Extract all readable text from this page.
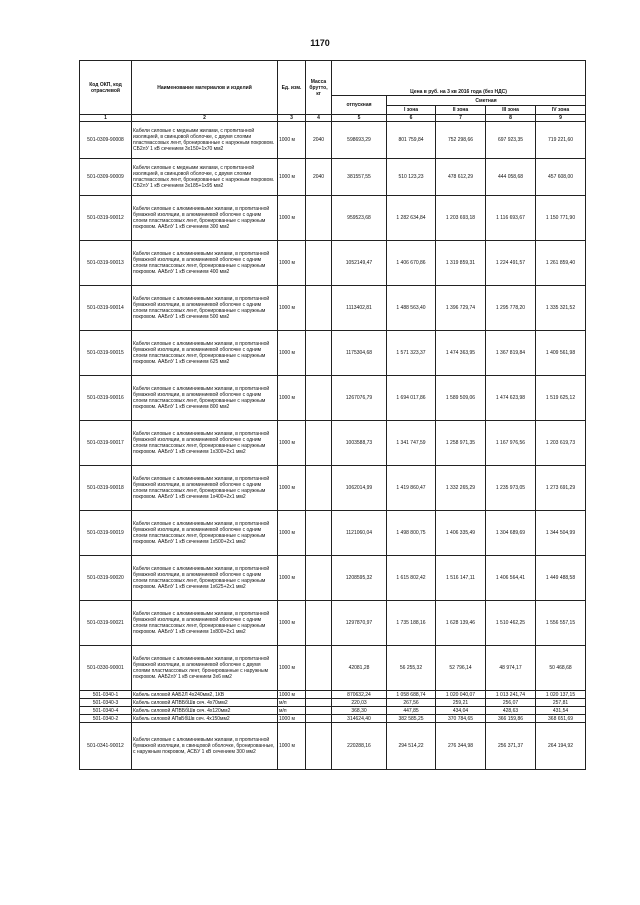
1170
Код ОКП, код отраслевой	Наименование материалов и изделий	Ед. изм.	Масса брутто, кг	Цена в руб. на 3 кв 2016 года (без НДС)				
				отпускная	Сметная			
					I зона	II зона	III зона	IV зона
1	2	3	4	5	6	7	8	9
501-0309-90008	Кабели силовые с медными жилами, с пропитанной изоляцией, в свинцовой оболочке, с двумя слоями пластмассовых лент, бронированные с наружным покровом. СБ2лУ 1 кВ сечением 3х150+1х70 мм2	1000 м	2040	598693,29	801 759,84	752 298,66	697 923,35	719 221,60
501-0309-90009	Кабели силовые с медными жилами, с пропитанной изоляцией, в свинцовой оболочке, с двумя слоями пластмассовых лент, бронированные с наружным покровом. СБ2лУ 1 кВ сечением 3х185+1х95 мм2	1000 м	2040	381557,55	510 123,23	478 612,29	444 058,68	457 608,00
501-0319-90012	Кабели силовые с алюминиевыми жилами, в пропитанной бумажной изоляции, в алюминиевой оболочке с одним слоем пластмассовых лент, бронированные с наружным покровом. ААБлУ 1 кВ сечением 300 мм2	1000 м		959523,68	1 282 634,84	1 203 693,18	1 116 693,67	1 150 771,90
501-0319-90013	Кабели силовые с алюминиевыми жилами, в пропитанной бумажной изоляции, в алюминиевой оболочке с одним слоем пластмассовых лент, бронированные с наружным покровом. ААБлУ 1 кВ сечением 400 мм2	1000 м		1052149,47	1 406 670,86	1 319 859,31	1 224 491,57	1 261 859,40
501-0319-90014	Кабели силовые с алюминиевыми жилами, в пропитанной бумажной изоляции, в алюминиевой оболочке с одним слоем пластмассовых лент, бронированные с наружным покровом. ААБлУ 1 кВ сечением 500 мм2	1000 м		1113402,81	1 488 563,40	1 396 729,74	1 295 778,20	1 335 321,52
501-0319-90015	Кабели силовые с алюминиевыми жилами, в пропитанной бумажной изоляции, в алюминиевой оболочке с одним слоем пластмассовых лент, бронированные с наружным покровом. ААБлУ 1 кВ сечением 625 мм2	1000 м		1175304,68	1 571 323,37	1 474 363,95	1 367 819,84	1 409 561,98
501-0319-90016	Кабели силовые с алюминиевыми жилами, в пропитанной бумажной изоляции, в алюминиевой оболочке с одним слоем пластмассовых лент, бронированные с наружным покровом. ААБлУ 1 кВ сечением 800 мм2	1000 м		1267076,79	1 694 017,86	1 589 509,06	1 474 623,98	1 519 625,12
501-0319-90017	Кабели силовые с алюминиевыми жилами, в пропитанной бумажной изоляции, в алюминиевой оболочке с одним слоем пластмассовых лент, бронированные с наружным покровом. ААБлУ 1 кВ сечением 1х300+2х1 мм2	1000 м		1003588,73	1 341 747,59	1 258 971,35	1 167 976,56	1 203 619,73
501-0319-90018	Кабели силовые с алюминиевыми жилами, в пропитанной бумажной изоляции, в алюминиевой оболочке с одним слоем пластмассовых лент, бронированные с наружным покровом. ААБлУ 1 кВ сечением 1х400+2х1 мм2	1000 м		1062014,99	1 419 860,47	1 332 265,29	1 235 973,05	1 273 691,29
501-0319-90019	Кабели силовые с алюминиевыми жилами, в пропитанной бумажной изоляции, в алюминиевой оболочке с одним слоем пластмассовых лент, бронированные с наружным покровом. ААБлУ 1 кВ сечением 1х500+2х1 мм2	1000 м		1121060,04	1 498 800,75	1 406 335,49	1 304 689,69	1 344 504,99
501-0319-90020	Кабели силовые с алюминиевыми жилами, в пропитанной бумажной изоляции, в алюминиевой оболочке с одним слоем пластмассовых лент, бронированные с наружным покровом. ААБлУ 1 кВ сечением 1х625+2х1 мм2	1000 м		1208595,32	1 615 802,42	1 516 147,11	1 406 564,41	1 449 488,58
501-0319-90021	Кабели силовые с алюминиевыми жилами, в пропитанной бумажной изоляции, в алюминиевой оболочке с одним слоем пластмассовых лент, бронированные с наружным покровом. ААБлУ 1 кВ сечением 1х800+2х1 мм2	1000 м		1297870,97	1 735 188,16	1 628 139,46	1 510 462,25	1 556 557,15
501-0330-90001	Кабели силовые с алюминиевыми жилами, в пропитанной бумажной изоляции, в алюминиевой оболочке с двумя слоями пластмассовых лент, бронированные с наружным покровом. ААБ2лУ 1 кВ сечением 3х6 мм2	1000 м		42081,28	56 255,32	52 796,14	48 974,17	50 468,68
501-0340-1	Кабель силовой ААБ2Л 4х240мм2, 1КВ	1000 м		870632,24	1 058 688,74	1 020 040,07	1 013 241,74	1 020 137,15
501-0340-3	Кабель силовой АПВБбШв сеч. 4х70мм2	м/п		220,03	267,56	259,21	256,07	257,81
501-0340-4	Кабель силовой АПВБбШв сеч. 4х120мм2	м/п		368,30	447,85	434,04	428,63	431,54
501-0340-2	Кабель силовой АПвБбШв сеч. 4х150мм2	1000 м		314624,40	382 585,25	370 784,65	366 159,86	368 651,69
501-0341-90012	Кабели силовые с алюминиевыми жилами, в пропитанной бумажной изоляции, в свинцовой оболочке, бронированные, с наружным покровом, АСБУ 1 кВ сечением 300 мм2	1000 м		220288,16	294 514,22	276 344,98	256 371,37	264 194,92
